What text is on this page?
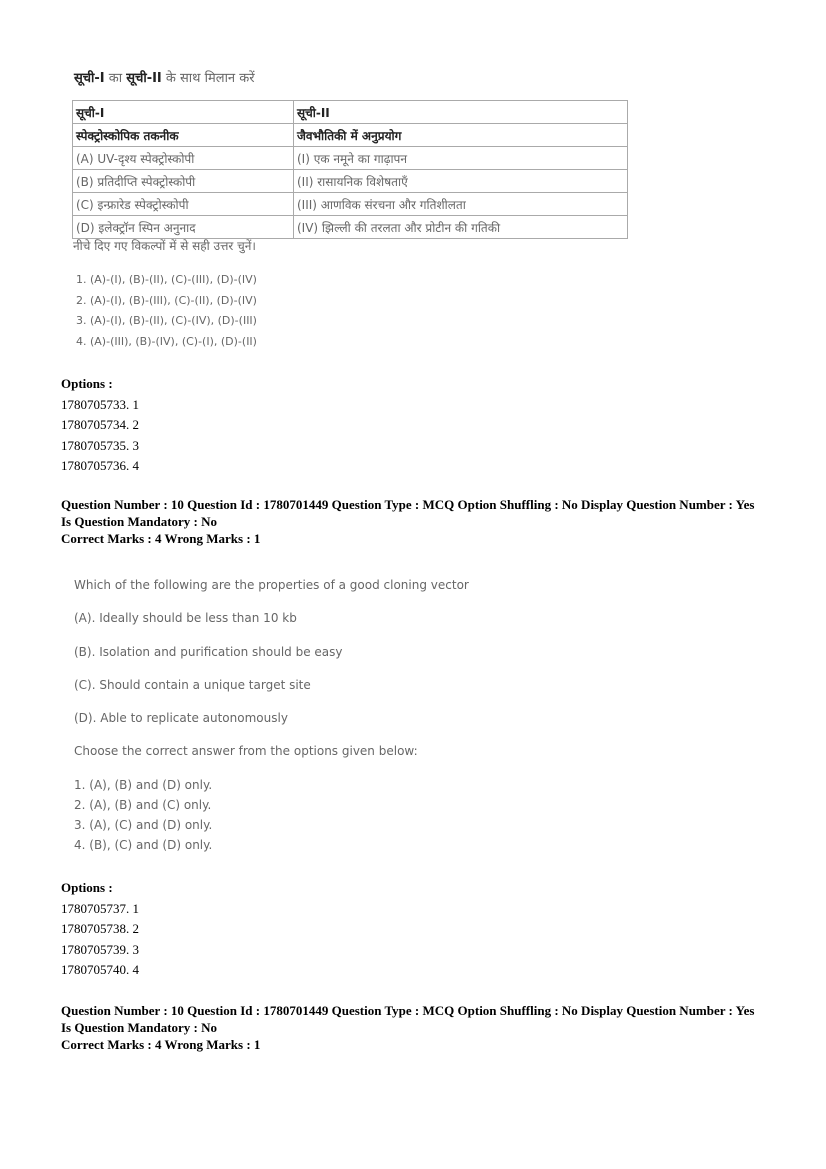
सूची-I का सूची-II के साथ मिलान करें
सूची-I	सूची-II
स्पेक्ट्रोस्कोपिक तकनीक	जैवभौतिकी में अनुप्रयोग
(A) UV-दृश्य स्पेक्ट्रोस्कोपी	(I) एक नमूने का गाढ़ापन
(B) प्रतिदीप्ति स्पेक्ट्रोस्कोपी	(II) रासायनिक विशेषताएँ
(C) इन्फ्रारेड स्पेक्ट्रोस्कोपी	(III) आणविक संरचना और गतिशीलता
(D) इलेक्ट्रॉन स्पिन अनुनाद	(IV) झिल्ली की तरलता और प्रोटीन की गतिकी
नीचे दिए गए विकल्पों में से सही उत्तर चुनें।
1. (A)-(I), (B)-(II), (C)-(III), (D)-(IV)
2. (A)-(I), (B)-(III), (C)-(II), (D)-(IV)
3. (A)-(I), (B)-(II), (C)-(IV), (D)-(III)
4. (A)-(III), (B)-(IV), (C)-(I), (D)-(II)
Options :
1780705733. 1
1780705734. 2
1780705735. 3
1780705736. 4
Question Number : 10 Question Id : 1780701449 Question Type : MCQ Option Shuffling : No Display Question Number : Yes
Is Question Mandatory : No
Correct Marks : 4 Wrong Marks : 1
Which of the following are the properties of a good cloning vector
(A). Ideally should be less than 10 kb
(B). Isolation and purification should be easy
(C). Should contain a unique target site
(D). Able to replicate autonomously
Choose the correct answer from the options given below:
1. (A), (B) and (D) only.
2. (A), (B) and (C) only.
3. (A), (C) and (D) only.
4. (B), (C) and (D) only.
Options :
1780705737. 1
1780705738. 2
1780705739. 3
1780705740. 4
Question Number : 10 Question Id : 1780701449 Question Type : MCQ Option Shuffling : No Display Question Number : Yes
Is Question Mandatory : No
Correct Marks : 4 Wrong Marks : 1
